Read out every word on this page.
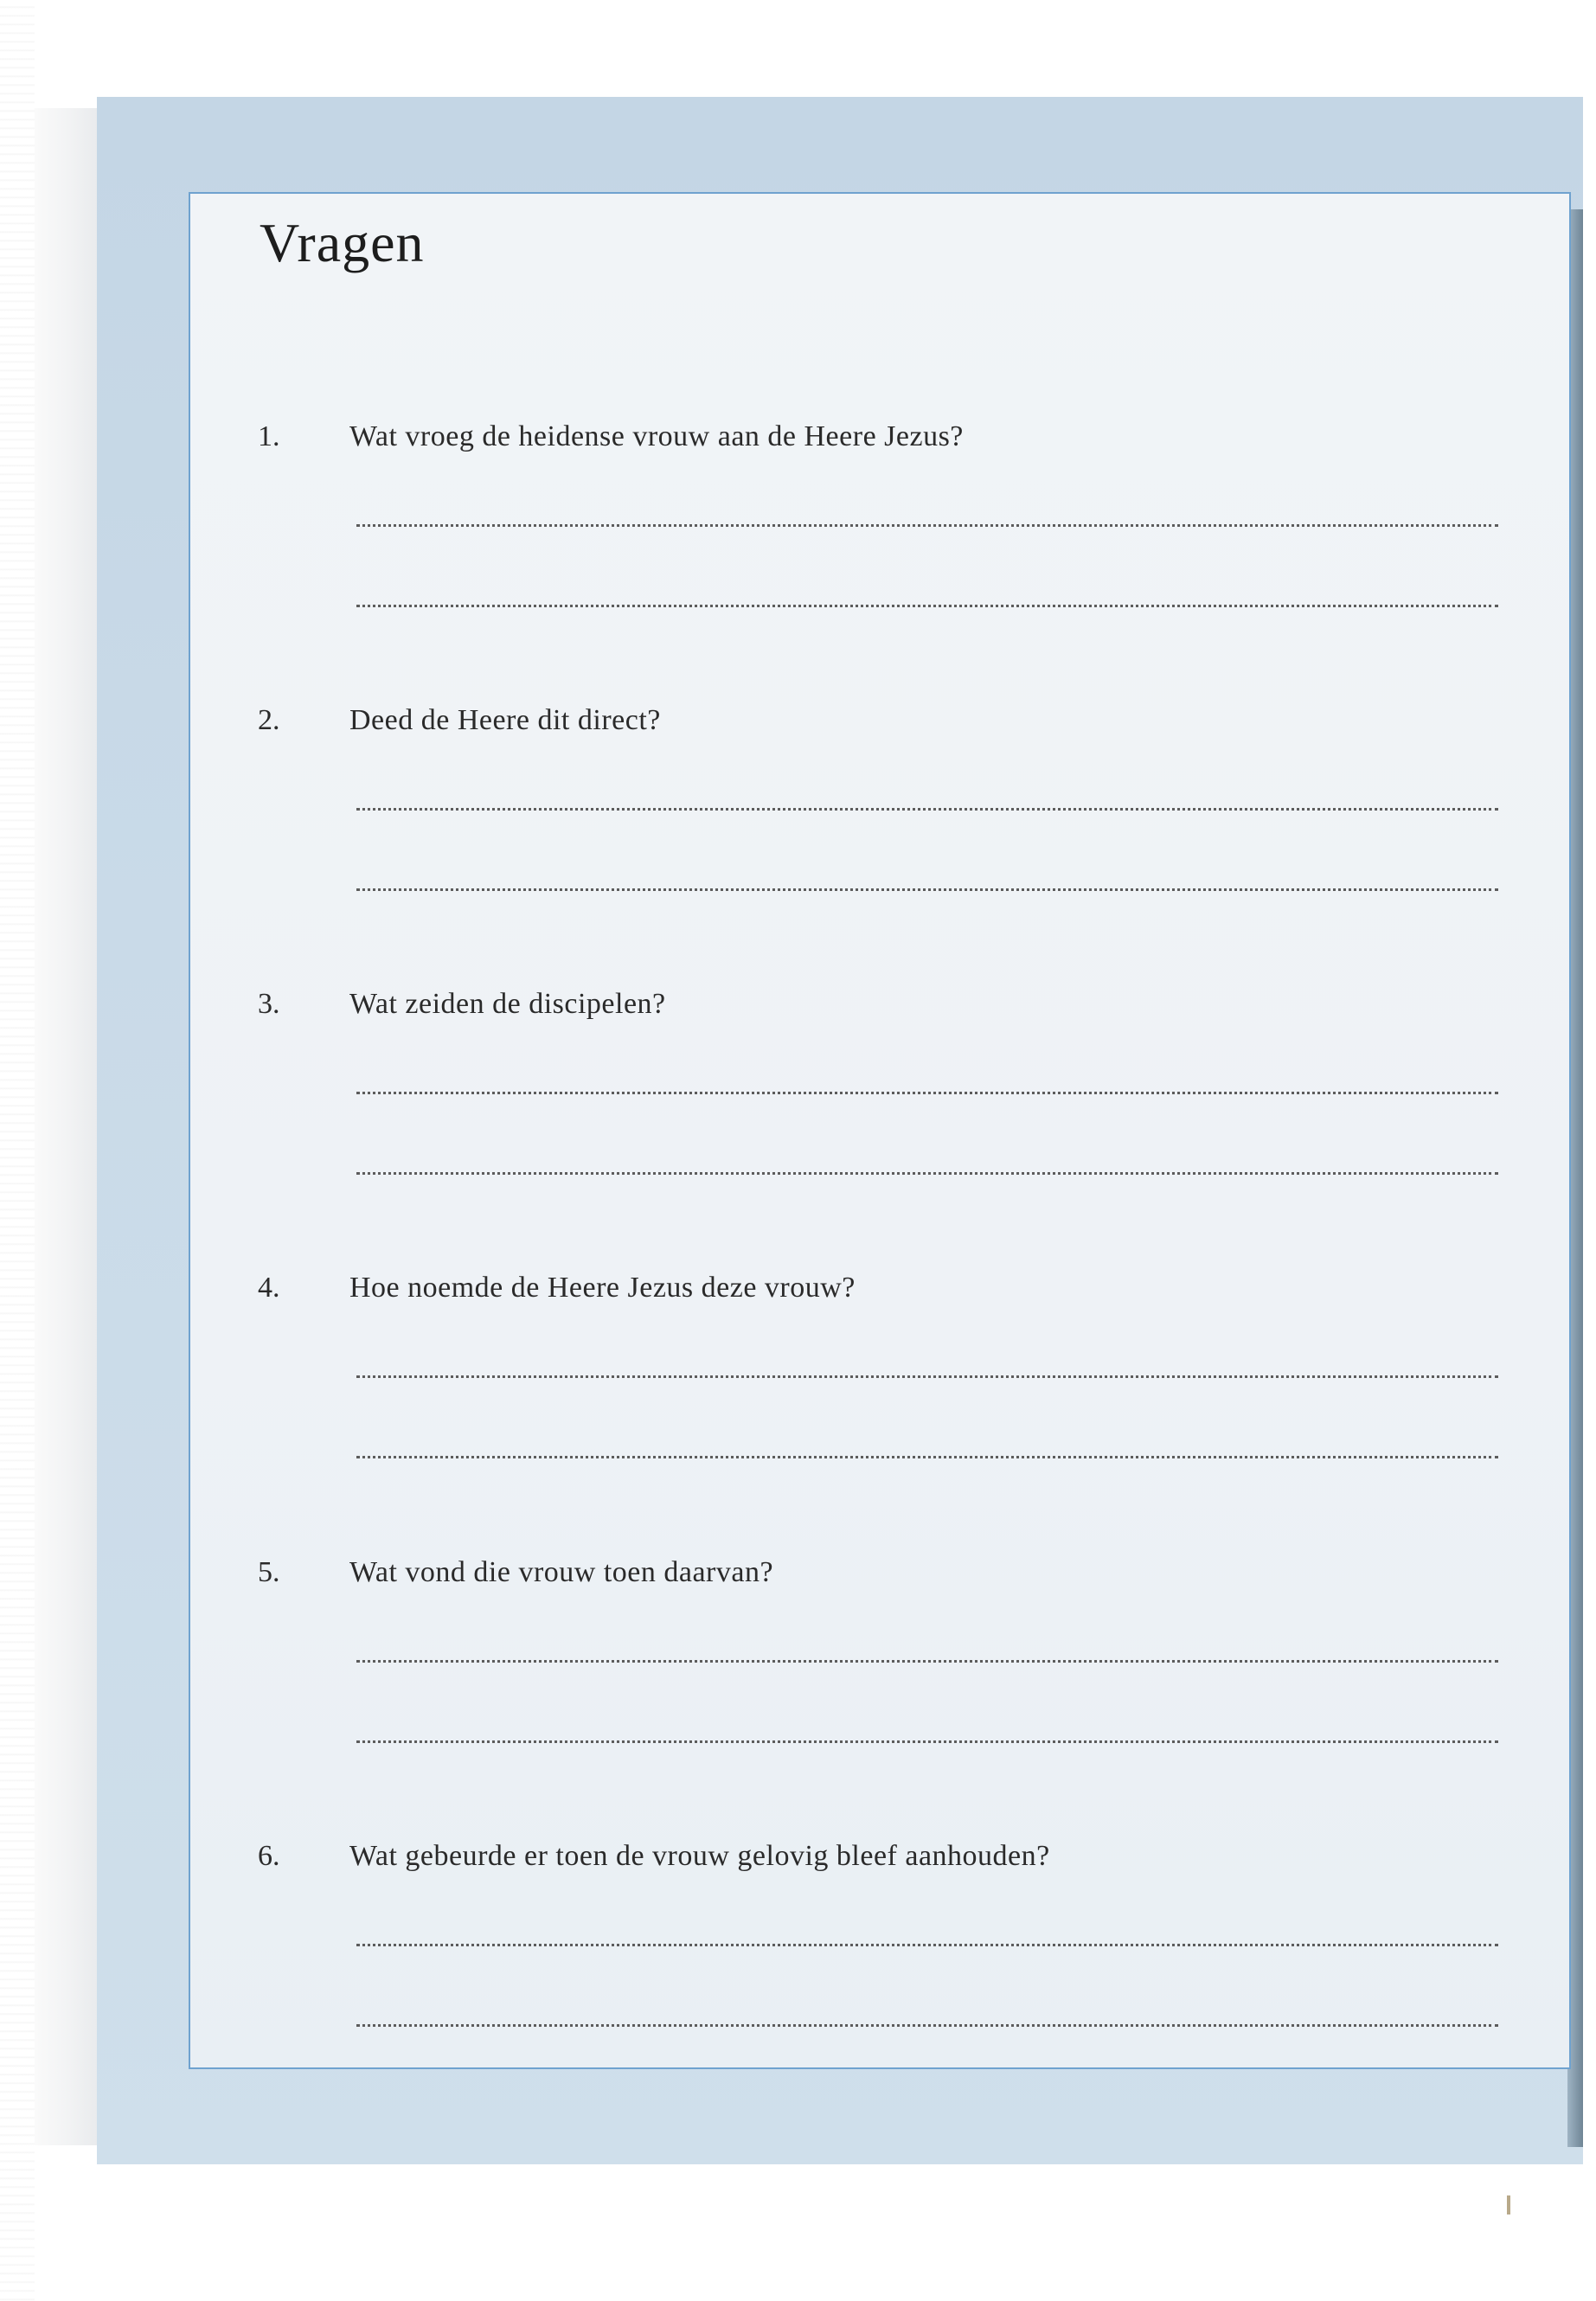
Vragen
1. Wat vroeg de heidense vrouw aan de Heere Jezus?
2. Deed de Heere dit direct?
3. Wat zeiden de discipelen?
4. Hoe noemde de Heere Jezus deze vrouw?
5. Wat vond die vrouw toen daarvan?
6. Wat gebeurde er toen de vrouw gelovig bleef aanhouden?
